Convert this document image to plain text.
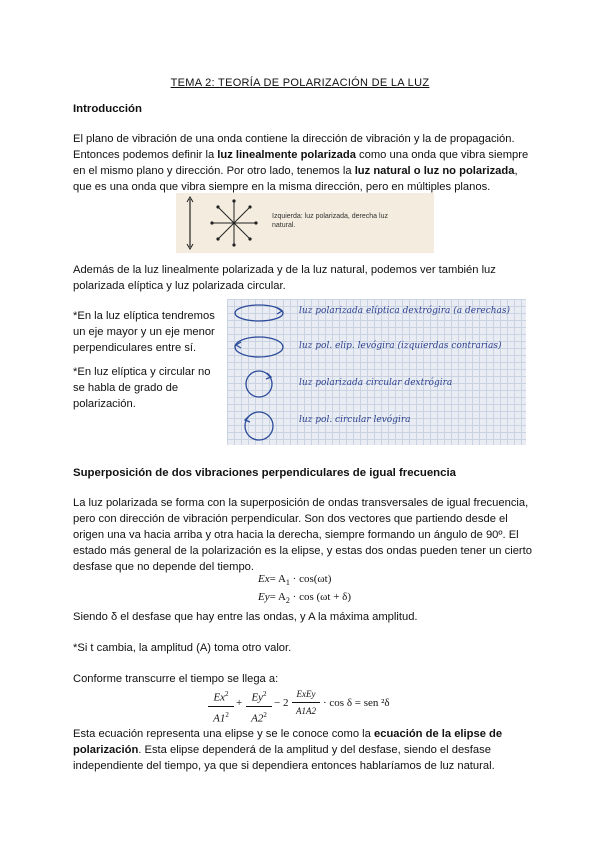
TEMA 2: TEORÍA DE POLARIZACIÓN DE LA LUZ
Introducción
El plano de vibración de una onda contiene la dirección de vibración y la de propagación.
Entonces podemos definir la luz linealmente polarizada como una onda que vibra siempre
en el mismo plano y dirección. Por otro lado, tenemos la luz natural o luz no polarizada,
que es una onda que vibra siempre en la misma dirección, pero en múltiples planos.
Izquierda: luz polarizada, derecha luz
natural.
Además de la luz linealmente polarizada y de la luz natural, podemos ver también luz
polarizada elíptica y luz polarizada circular.
*En la luz elíptica tendremos
un eje mayor y un eje menor
perpendiculares entre sí.
*En luz elíptica y circular no
se habla de grado de
polarización.
luz polarizada elíptica dextrógira (a derechas)
luz pol. elip. levógira (izquierdas contrarias)
luz polarizada circular dextrógira
luz pol. circular levógira
Superposición de dos vibraciones perpendiculares de igual frecuencia
La luz polarizada se forma con la superposición de ondas transversales de igual frecuencia,
pero con dirección de vibración perpendicular. Son dos vectores que partiendo desde el
origen una va hacia arriba y otra hacia la derecha, siempre formando un ángulo de 90º. El
estado más general de la polarización es la elipse, y estas dos ondas pueden tener un cierto
desfase que no depende del tiempo.
$Ex= A_1 \cdot \cos(\omega t)$
$Ey= A_2 \cdot \cos (\omega t + \delta)$
Siendo δ el desfase que hay entre las ondas, y A la máxima amplitud.
*Si t cambia, la amplitud (A) toma otro valor.
Conforme transcurre el tiempo se llega a:
Ex$^2$
$A1^2$
+ $Ey^2$
$A2^2$
− 2
ExEy
A1A2
· cos δ = sen ²δ
Esta ecuación representa una elipse y se le conoce como la ecuación de la elipse de
polarización. Esta elipse dependerá de la amplitud y del desfase, siendo el desfase
independiente del tiempo, ya que si dependiera entonces hablaríamos de luz natural.
